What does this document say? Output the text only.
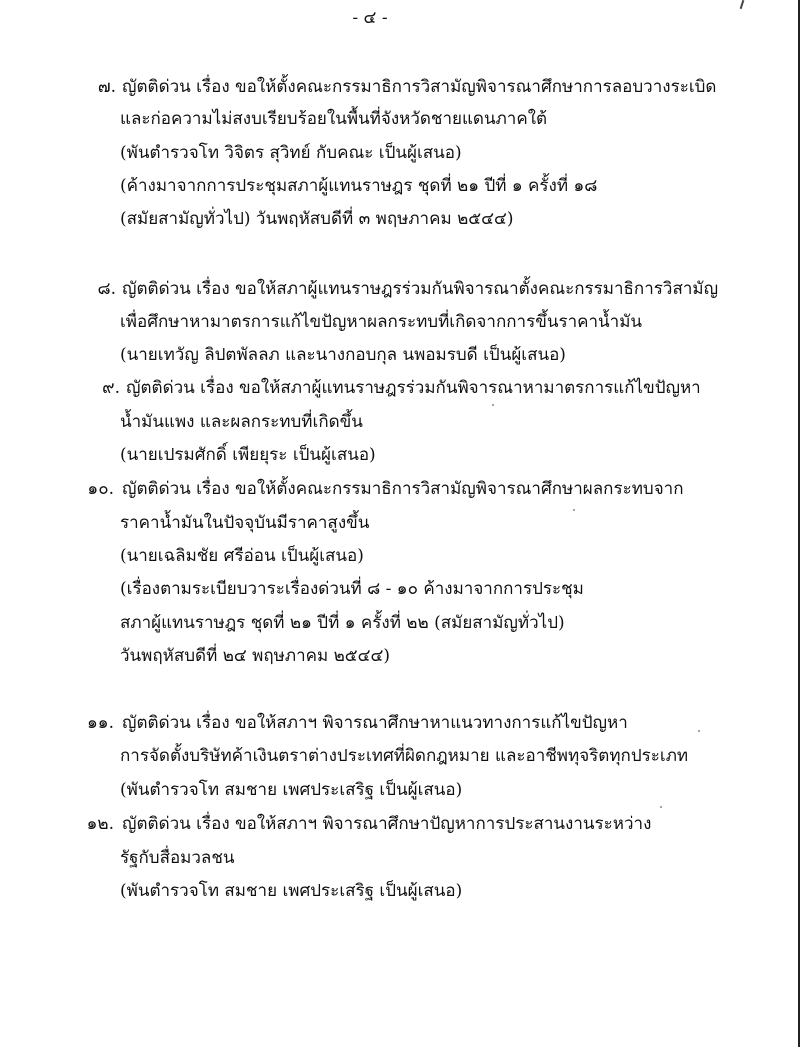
- ๔ -
๗. ญัตติด่วน เรื่อง ขอให้ตั้งคณะกรรมาธิการวิสามัญพิจารณาศึกษาการลอบวางระเบิด
และก่อความไม่สงบเรียบร้อยในพื้นที่จังหวัดชายแดนภาคใต้
(พันตำรวจโท วิจิตร สุวิทย์ กับคณะ เป็นผู้เสนอ)
(ค้างมาจากการประชุมสภาผู้แทนราษฎร ชุดที่ ๒๑ ปีที่ ๑ ครั้งที่ ๑๘
(สมัยสามัญทั่วไป) วันพฤหัสบดีที่ ๓ พฤษภาคม ๒๕๔๔)
๘. ญัตติด่วน เรื่อง ขอให้สภาผู้แทนราษฎรร่วมกันพิจารณาตั้งคณะกรรมาธิการวิสามัญ
เพื่อศึกษาหามาตรการแก้ไขปัญหาผลกระทบที่เกิดจากการขึ้นราคาน้ำมัน
(นายเทวัญ ลิปตพัลลภ และนางกอบกุล นพอมรบดี เป็นผู้เสนอ)
๙. ญัตติด่วน เรื่อง ขอให้สภาผู้แทนราษฎรร่วมกันพิจารณาหามาตรการแก้ไขปัญหา
น้ำมันแพง และผลกระทบที่เกิดขึ้น
(นายเปรมศักดิ์ เพียยุระ เป็นผู้เสนอ)
๑๐. ญัตติด่วน เรื่อง ขอให้ตั้งคณะกรรมาธิการวิสามัญพิจารณาศึกษาผลกระทบจาก
ราคาน้ำมันในปัจจุบันมีราคาสูงขึ้น
(นายเฉลิมชัย ศรีอ่อน เป็นผู้เสนอ)
(เรื่องตามระเบียบวาระเรื่องด่วนที่ ๘ - ๑๐ ค้างมาจากการประชุม
สภาผู้แทนราษฎร ชุดที่ ๒๑ ปีที่ ๑ ครั้งที่ ๒๒ (สมัยสามัญทั่วไป)
วันพฤหัสบดีที่ ๒๔ พฤษภาคม ๒๕๔๔)
๑๑. ญัตติด่วน เรื่อง ขอให้สภาฯ พิจารณาศึกษาหาแนวทางการแก้ไขปัญหา
การจัดตั้งบริษัทค้าเงินตราต่างประเทศที่ผิดกฎหมาย และอาชีพทุจริตทุกประเภท
(พันตำรวจโท สมชาย เพศประเสริฐ เป็นผู้เสนอ)
๑๒. ญัตติด่วน เรื่อง ขอให้สภาฯ พิจารณาศึกษาปัญหาการประสานงานระหว่าง
รัฐกับสื่อมวลชน
(พันตำรวจโท สมชาย เพศประเสริฐ เป็นผู้เสนอ)
